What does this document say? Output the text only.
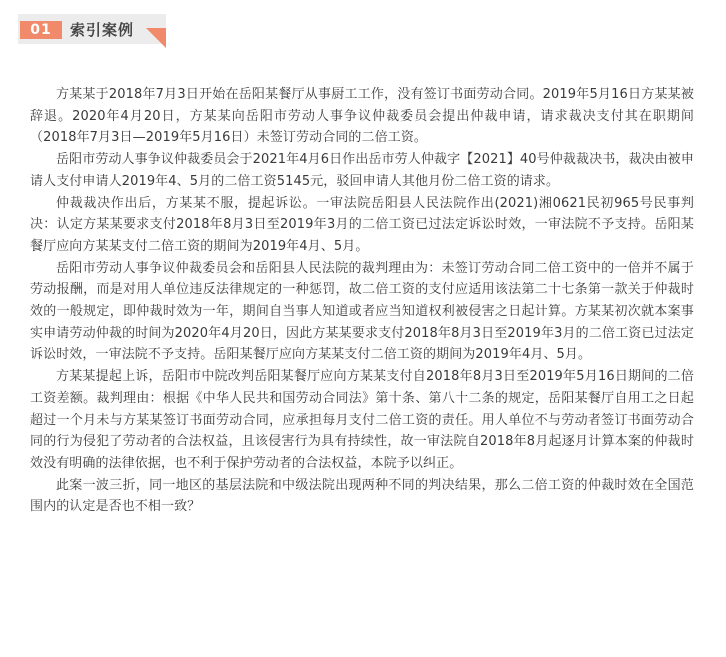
01	索引案例

方某某于2018年7月3日开始在岳阳某餐厅从事厨工工作，没有签订书面劳动合同。2019年5月16日方某某被辞退。2020年4月20日，方某某向岳阳市劳动人事争议仲裁委员会提出仲裁申请，请求裁决支付其在职期间（2018年7月3日—2019年5月16日）未签订劳动合同的二倍工资。

岳阳市劳动人事争议仲裁委员会于2021年4月6日作出岳市劳人仲裁字【2021】40号仲裁裁决书，裁决由被申请人支付申请人2019年4、5月的二倍工资5145元，驳回申请人其他月份二倍工资的请求。

仲裁裁决作出后，方某某不服，提起诉讼。一审法院岳阳县人民法院作出(2021)湘0621民初965号民事判决：认定方某某要求支付2018年8月3日至2019年3月的二倍工资已过法定诉讼时效，一审法院不予支持。岳阳某餐厅应向方某某支付二倍工资的期间为2019年4月、5月。

岳阳市劳动人事争议仲裁委员会和岳阳县人民法院的裁判理由为：未签订劳动合同二倍工资中的一倍并不属于劳动报酬，而是对用人单位违反法律规定的一种惩罚，故二倍工资的支付应适用该法第二十七条第一款关于仲裁时效的一般规定，即仲裁时效为一年，期间自当事人知道或者应当知道权利被侵害之日起计算。方某某初次就本案事实申请劳动仲裁的时间为2020年4月20日，因此方某某要求支付2018年8月3日至2019年3月的二倍工资已过法定诉讼时效，一审法院不予支持。岳阳某餐厅应向方某某支付二倍工资的期间为2019年4月、5月。

方某某提起上诉，岳阳市中院改判岳阳某餐厅应向方某某支付自2018年8月3日至2019年5月16日期间的二倍工资差额。裁判理由：根据《中华人民共和国劳动合同法》第十条、第八十二条的规定，岳阳某餐厅自用工之日起超过一个月未与方某某签订书面劳动合同，应承担每月支付二倍工资的责任。用人单位不与劳动者签订书面劳动合同的行为侵犯了劳动者的合法权益，且该侵害行为具有持续性，故一审法院自2018年8月起逐月计算本案的仲裁时效没有明确的法律依据，也不利于保护劳动者的合法权益，本院予以纠正。

此案一波三折，同一地区的基层法院和中级法院出现两种不同的判决结果，那么二倍工资的仲裁时效在全国范围内的认定是否也不相一致？
